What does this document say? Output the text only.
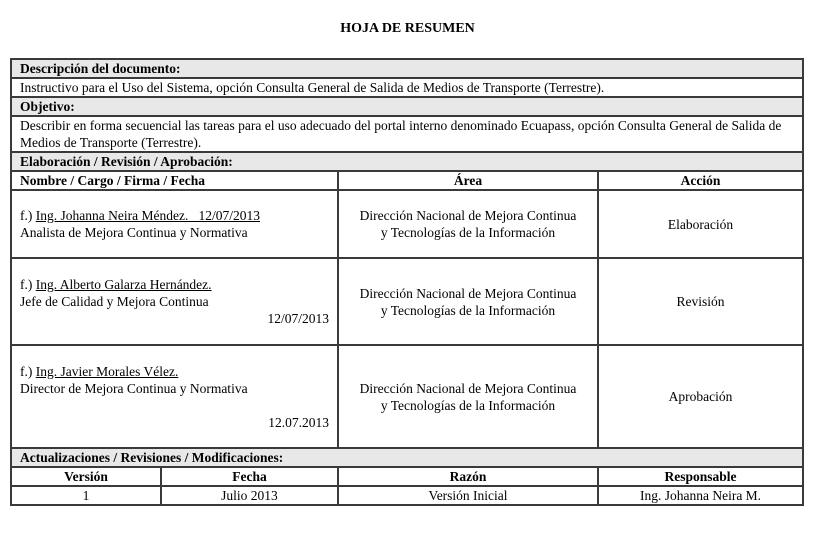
HOJA DE RESUMEN
Descripción del documento:			
Instructivo para el Uso del Sistema, opción Consulta General de Salida de Medios de Transporte (Terrestre).			
Objetivo:			
Describir en forma secuencial las tareas para el uso adecuado del portal interno denominado Ecuapass, opción Consulta General de Salida de Medios de Transporte (Terrestre).			
Elaboración / Revisión / Aprobación:			
Nombre / Cargo / Firma / Fecha		Área	Acción
f.) Ing. Johanna Neira Méndez.   12/07/2013
Analista de Mejora Continua y Normativa		Dirección Nacional de Mejora Continua
y Tecnologías de la Información	Elaboración
f.) Ing. Alberto Galarza Hernández.
Jefe de Calidad y Mejora Continua

12/07/2013		Dirección Nacional de Mejora Continua
y Tecnologías de la Información	Revisión
f.) Ing. Javier Morales Vélez.
Director de Mejora Continua y Normativa

12.07.2013		Dirección Nacional de Mejora Continua
y Tecnologías de la Información	Aprobación
Actualizaciones / Revisiones / Modificaciones:			
Versión	Fecha	Razón	Responsable
1	Julio 2013	Versión Inicial	Ing. Johanna Neira M.
